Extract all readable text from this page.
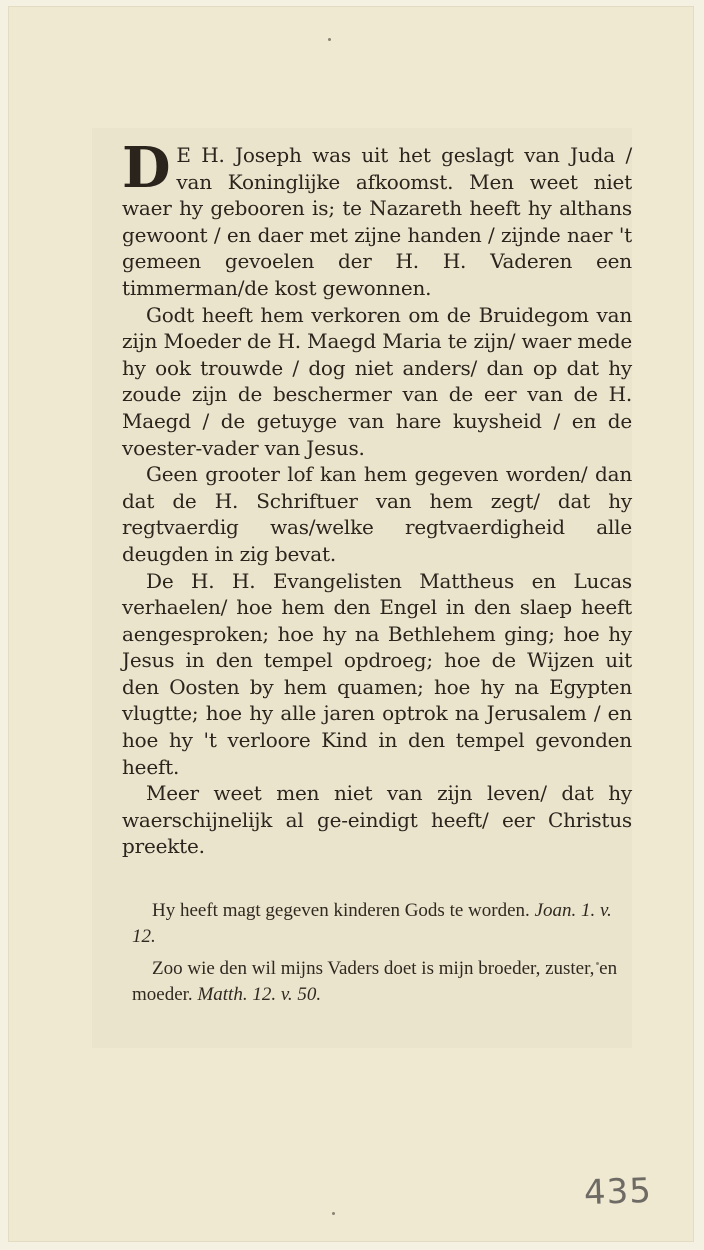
D E H. Joseph was uit het geslagt van Juda / van Koninglijke afkoomst. Men weet niet waer hy gebooren is; te Nazareth heeft hy althans gewoont / en daer met zijne handen / zijnde naer 't gemeen gevoelen der H. H. Vaderen een timmerman/de kost gewonnen.

Godt heeft hem verkoren om de Bruidegom van zijn Moeder de H. Maegd Maria te zijn/ waer mede hy ook trouwde / dog niet anders/ dan op dat hy zoude zijn de beschermer van de eer van de H. Maegd / de getuyge van hare kuysheid / en de voester-vader van Jesus.

Geen grooter lof kan hem gegeven worden/ dan dat de H. Schriftuer van hem zegt/ dat hy regtvaerdig was/welke regtvaerdigheid alle deugden in zig bevat.

De H. H. Evangelisten Mattheus en Lucas verhaelen/ hoe hem den Engel in den slaep heeft aengesproken; hoe hy na Bethlehem ging; hoe hy Jesus in den tempel opdroeg; hoe de Wijzen uit den Oosten by hem quamen; hoe hy na Egypten vlugtte; hoe hy alle jaren optrok na Jerusalem / en hoe hy 't verloore Kind in den tempel gevonden heeft.

Meer weet men niet van zijn leven/ dat hy waerschijnelijk al ge-eindigt heeft/ eer Christus preekte.

Hy heeft magt gegeven kinderen Gods te worden. Joan. 1. v. 12.

Zoo wie den wil mijns Vaders doet is mijn broeder, zuster, en moeder. Matth. 12. v. 50.

435
